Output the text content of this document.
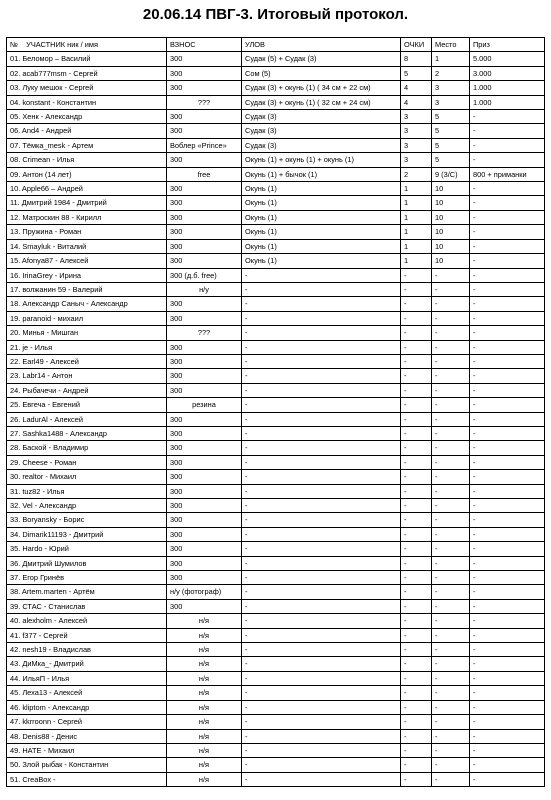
20.06.14 ПВГ-3. Итоговый протокол.
№ УЧАСТНИК ник / имя	ВЗНОС	УЛОВ	ОЧКИ	Место	Приз
01. Беломор – Василий	300	Судак (5) + Судак (3)	8	1	5.000
02. acab777msm - Сергей	300	Сом (5)	5	2	3.000
03. Луку мешок - Сергей	300	Судак (3) + окунь (1) ( 34 см + 22 см)	4	3	1.000
04. konstant - Константин	???	Судак (3) + окунь (1) ( 32 см + 24 см)	4	3	1.000
05. Хенк - Александр	300	Судак (3)	3	5	-
06. And4 - Андрей	300	Судак (3)	3	5	-
07. Тёмка_mesk - Артем	Воблер «Prince»	Судак (3)	3	5	-
08. Crimean - Илья	300	Окунь (1) + окунь (1) + окунь (1)	3	5	-
09. Антон (14 лет)	free	Окунь (1) + бычок (1)	2	9 (3/С)	800 + приманки
10. Apple66 – Андрей	300	Окунь (1)	1	10	-
11. Дмитрий 1984 - Дмитрий	300	Окунь (1)	1	10	-
12. Матроскин 88 - Кирилл	300	Окунь (1)	1	10	-
13. Пружина - Роман	300	Окунь (1)	1	10	-
14. Smayluk - Виталий	300	Окунь (1)	1	10	-
15. Afonya87 - Алексей	300	Окунь (1)	1	10	-
16. IrinaGrey - Ирина	300 (д.б. free)	-	-	-	-
17. волжанин 59 - Валерий	н/у	-	-	-	-
18. Александр Саныч - Александр	300	-	-	-	-
19. paranoid - михаил	300	-	-	-	-
20. Минья - Мишган	???	-	-	-	-
21. je - Илья	300	-	-	-	-
22. Earl49 - Алексей	300	-	-	-	-
23. Labr14 - Антон	300	-	-	-	-
24. Рыбачечи - Андрей	300	-	-	-	-
25. Евгеча - Евгений	резина	-	-	-	-
26. LadurAl - Алексей	300	-	-	-	-
27. Sashka1488 - Александр	300	-	-	-	-
28. Баской - Владимир	300	-	-	-	-
29. Cheese - Роман	300	-	-	-	-
30. realtor - Михаил	300	-	-	-	-
31. tuz82 - Илья	300	-	-	-	-
32. Vel - Александр	300	-	-	-	-
33. Boryansky - Борис	300	-	-	-	-
34. Dimarik11193 - Дмитрий	300	-	-	-	-
35. Hardo - Юрий	300	-	-	-	-
36. Дмитрий Шумилов	300	-	-	-	-
37. Егор Гринёв	300	-	-	-	-
38. Artem.marten - Артём	н/у (фотограф)	-	-	-	-
39. СТАС - Станислав	300	-	-	-	-
40. alexholm - Алексей	н/я	-	-	-	-
41. f377 - Сергей	н/я	-	-	-	-
42. nesh19 - Владислав	н/я	-	-	-	-
43. ДиМка_- Дмитрий	н/я	-	-	-	-
44. ИльяП - Илья	н/я	-	-	-	-
45. Леха13 - Алексей	н/я	-	-	-	-
46. kliptom - Александр	н/я	-	-	-	-
47. kkrroonn - Сергей	н/я	-	-	-	-
48. Denis88 - Денис	н/я	-	-	-	-
49. НАТЕ - Михаил	н/я	-	-	-	-
50. Злой рыбак - Константин	н/я	-	-	-	-
51. CreaBox -	н/я	-	-	-	-
